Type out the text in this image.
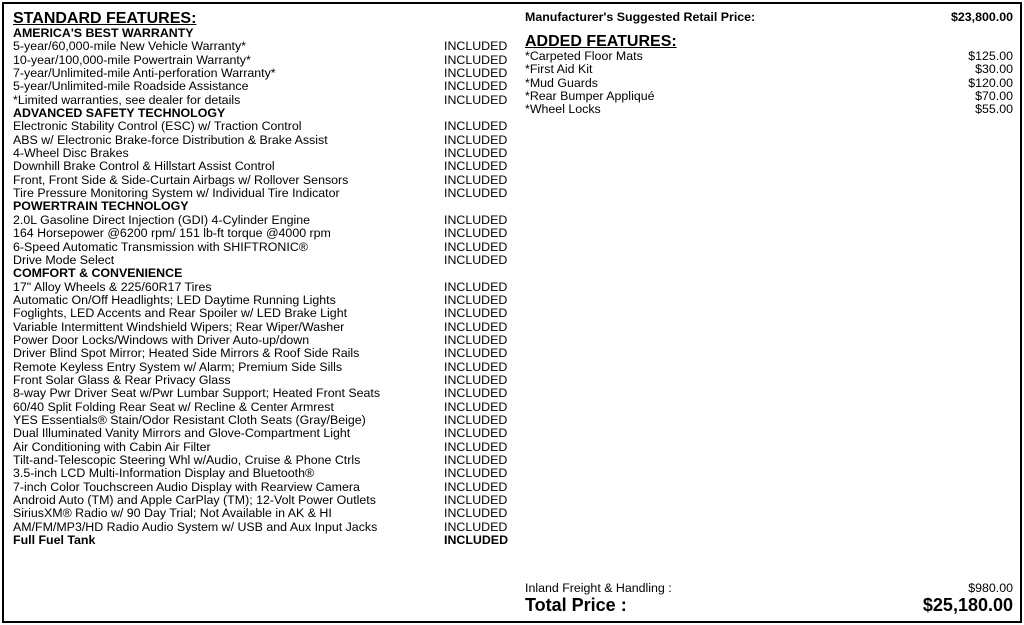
STANDARD FEATURES:
AMERICA'S BEST WARRANTY
5-year/60,000-mile New Vehicle Warranty*	INCLUDED
10-year/100,000-mile Powertrain Warranty*	INCLUDED
7-year/Unlimited-mile Anti-perforation Warranty*	INCLUDED
5-year/Unlimited-mile Roadside Assistance	INCLUDED
*Limited warranties, see dealer for details	INCLUDED
ADVANCED SAFETY TECHNOLOGY
Electronic Stability Control (ESC) w/ Traction Control	INCLUDED
ABS w/ Electronic Brake-force Distribution & Brake Assist	INCLUDED
4-Wheel Disc Brakes	INCLUDED
Downhill Brake Control & Hillstart Assist Control	INCLUDED
Front, Front Side & Side-Curtain Airbags w/ Rollover Sensors	INCLUDED
Tire Pressure Monitoring System w/ Individual Tire Indicator	INCLUDED
POWERTRAIN TECHNOLOGY
2.0L Gasoline Direct Injection (GDI) 4-Cylinder Engine	INCLUDED
164 Horsepower @6200 rpm/ 151 lb-ft torque @4000 rpm	INCLUDED
6-Speed Automatic Transmission with SHIFTRONIC®	INCLUDED
Drive Mode Select	INCLUDED
COMFORT & CONVENIENCE
17" Alloy Wheels & 225/60R17 Tires	INCLUDED
Automatic On/Off Headlights; LED Daytime Running Lights	INCLUDED
Foglights, LED Accents and Rear Spoiler w/ LED Brake Light	INCLUDED
Variable Intermittent Windshield Wipers; Rear Wiper/Washer	INCLUDED
Power Door Locks/Windows with Driver Auto-up/down	INCLUDED
Driver Blind Spot Mirror; Heated Side Mirrors & Roof Side Rails	INCLUDED
Remote Keyless Entry System w/ Alarm; Premium Side Sills	INCLUDED
Front Solar Glass & Rear Privacy Glass	INCLUDED
8-way Pwr Driver Seat w/Pwr Lumbar Support; Heated Front Seats	INCLUDED
60/40 Split Folding Rear Seat w/ Recline & Center Armrest	INCLUDED
YES Essentials® Stain/Odor Resistant Cloth Seats (Gray/Beige)	INCLUDED
Dual Illuminated Vanity Mirrors and Glove-Compartment Light	INCLUDED
Air Conditioning with Cabin Air Filter	INCLUDED
Tilt-and-Telescopic Steering Whl w/Audio, Cruise & Phone Ctrls	INCLUDED
3.5-inch LCD Multi-Information Display and Bluetooth®	INCLUDED
7-inch Color Touchscreen Audio Display with Rearview Camera	INCLUDED
Android Auto (TM) and Apple CarPlay (TM); 12-Volt Power Outlets	INCLUDED
SiriusXM® Radio w/ 90 Day Trial; Not Available in AK & HI	INCLUDED
AM/FM/MP3/HD Radio Audio System w/ USB and Aux Input Jacks	INCLUDED
Full Fuel Tank	INCLUDED
Manufacturer's Suggested Retail Price:	$23,800.00
ADDED FEATURES:
*Carpeted Floor Mats	$125.00
*First Aid Kit	$30.00
*Mud Guards	$120.00
*Rear Bumper Appliqué	$70.00
*Wheel Locks	$55.00
Inland Freight & Handling :	$980.00
Total Price :	$25,180.00
